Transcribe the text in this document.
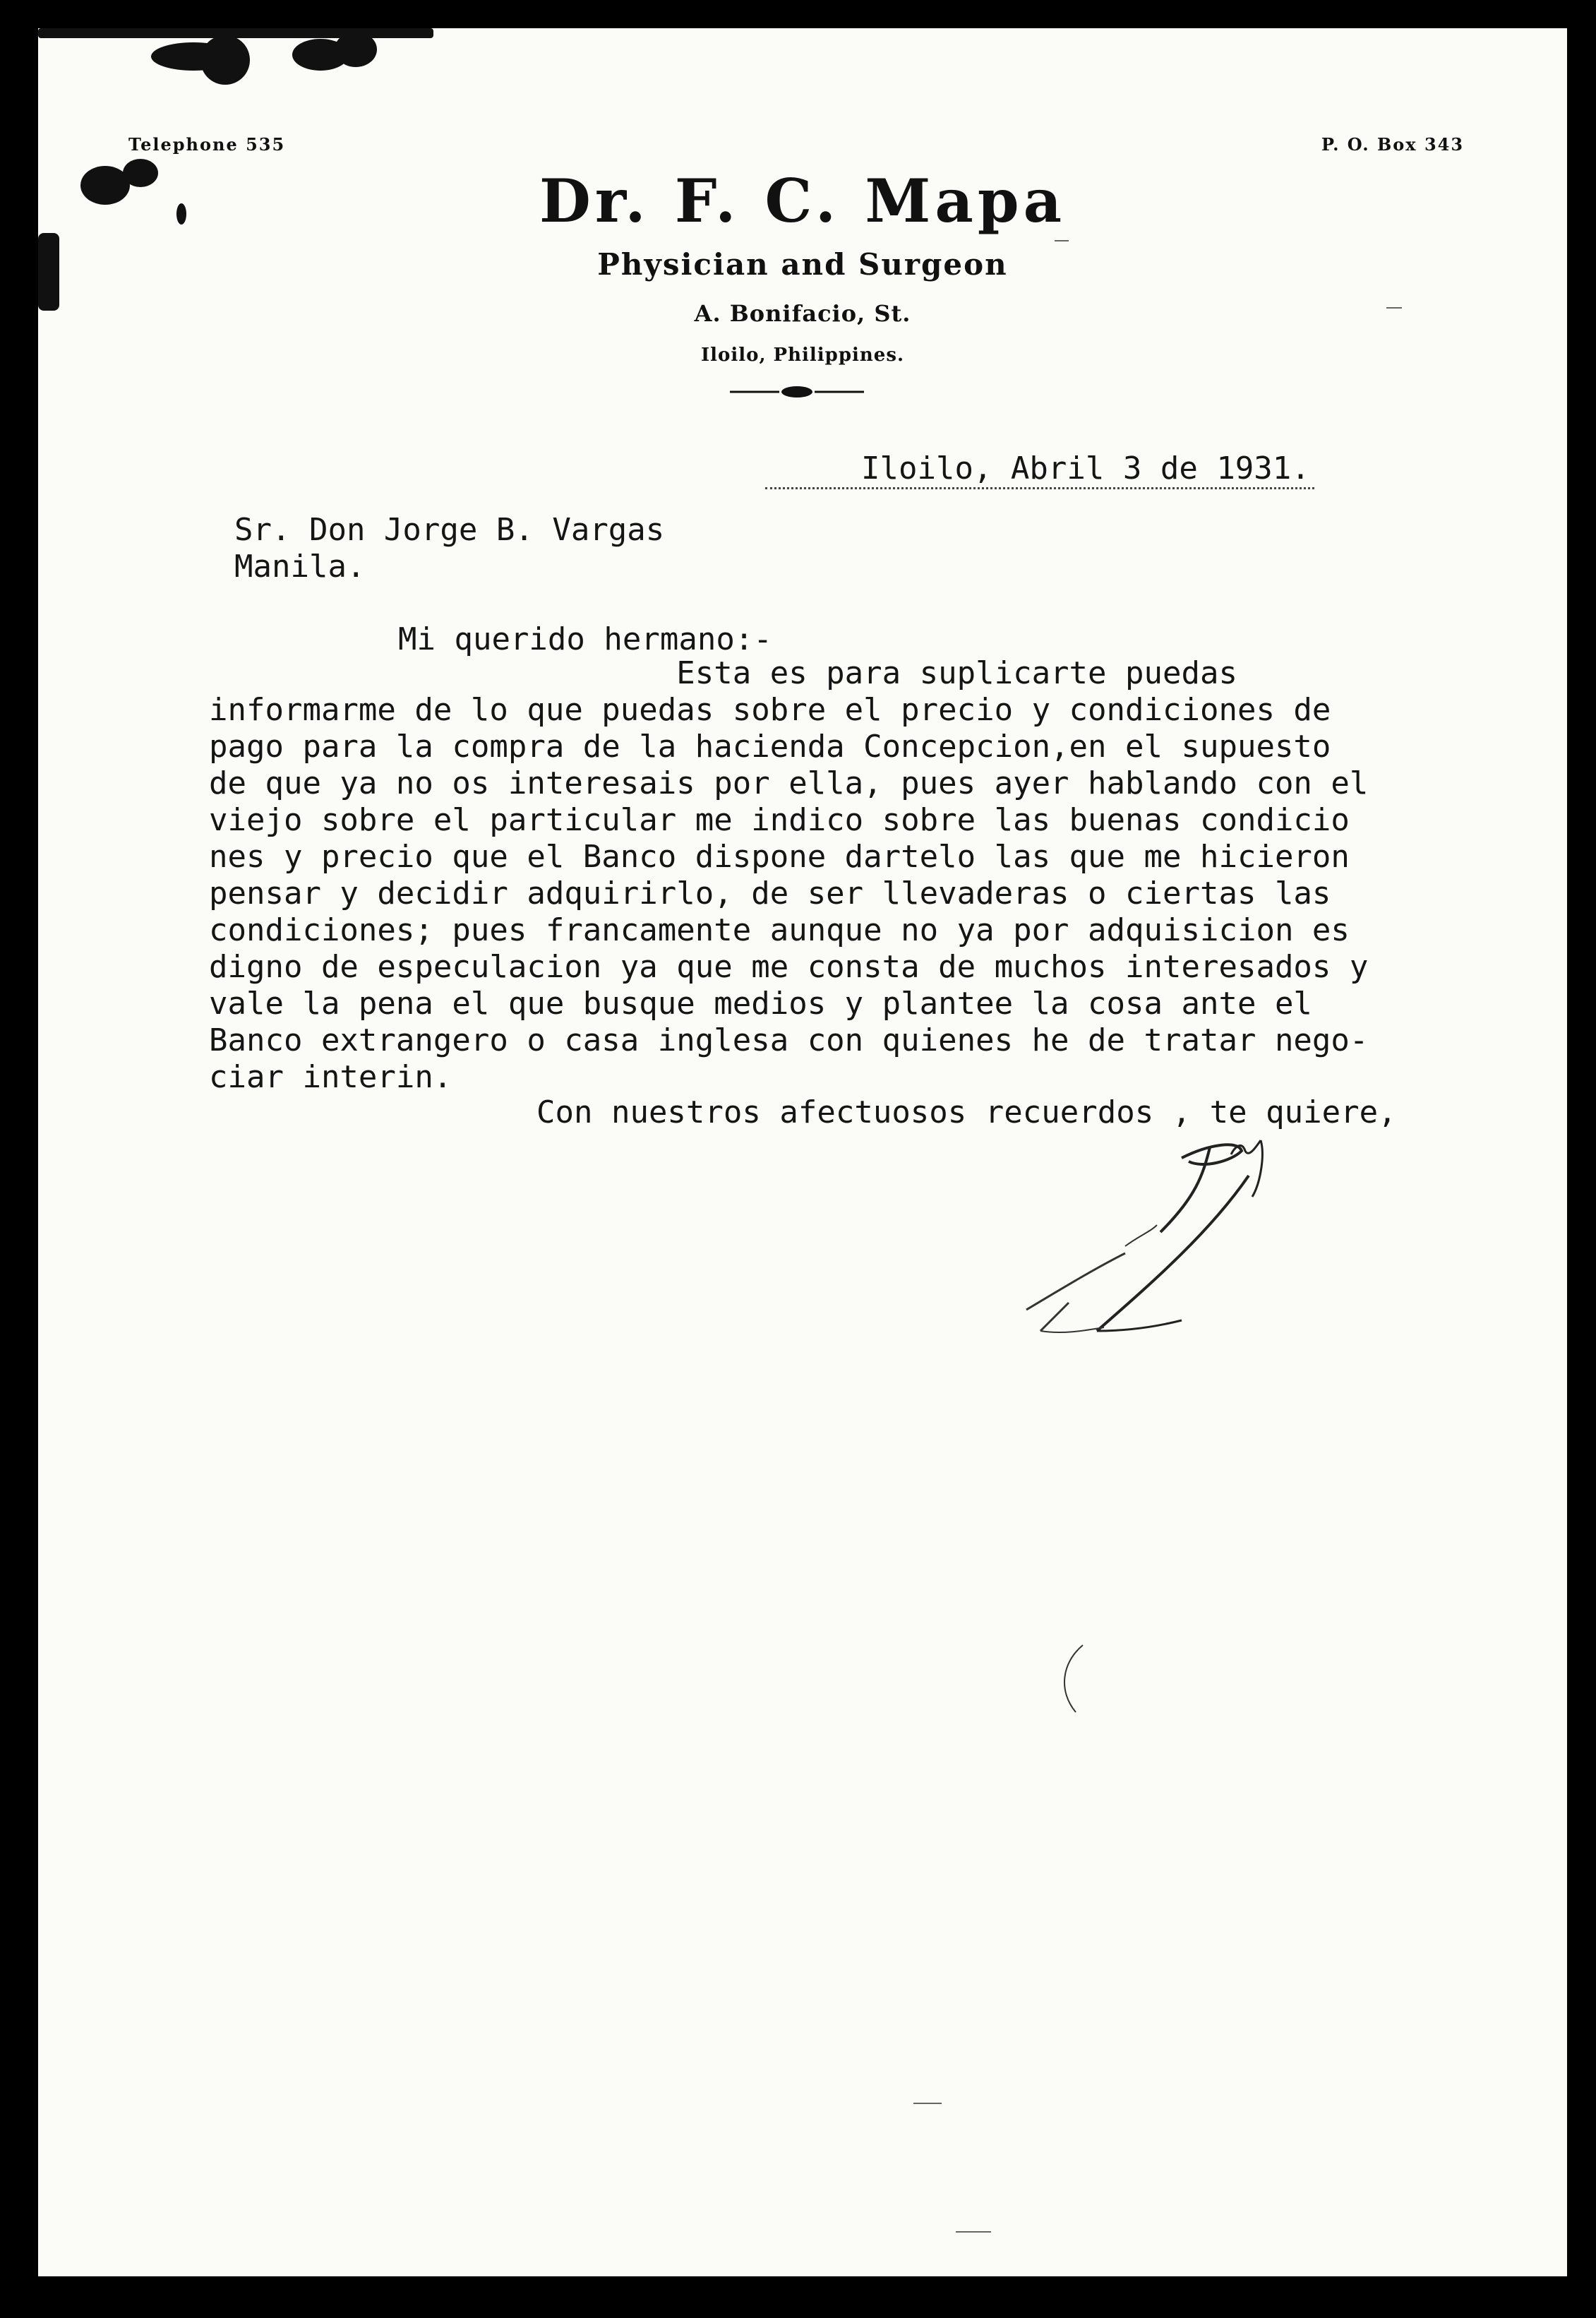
Telephone 535	P. O. Box 343
Dr. F. C. Mapa
Physician and Surgeon
A. Bonifacio, St.
Iloilo, Philippines.
Iloilo, Abril 3 de 1931.
Sr. Don Jorge B. Vargas
Manila.
Mi querido hermano:-
Esta es para suplicarte puedas
informarme de lo que puedas sobre el precio y condiciones de
pago para la compra de la hacienda Concepcion,en el supuesto
de que ya no os interesais por ella, pues ayer hablando con el
viejo sobre el particular me indico sobre las buenas condicio
nes y precio que el Banco dispone dartelo las que me hicieron
pensar y decidir adquirirlo, de ser llevaderas o ciertas las
condiciones; pues francamente aunque no ya por adquisicion es
digno de especulacion ya que me consta de muchos interesados y
vale la pena el que busque medios y plantee la cosa ante el
Banco extrangero o casa inglesa con quienes he de tratar nego-
ciar interin.
Con nuestros afectuosos recuerdos , te quiere,
